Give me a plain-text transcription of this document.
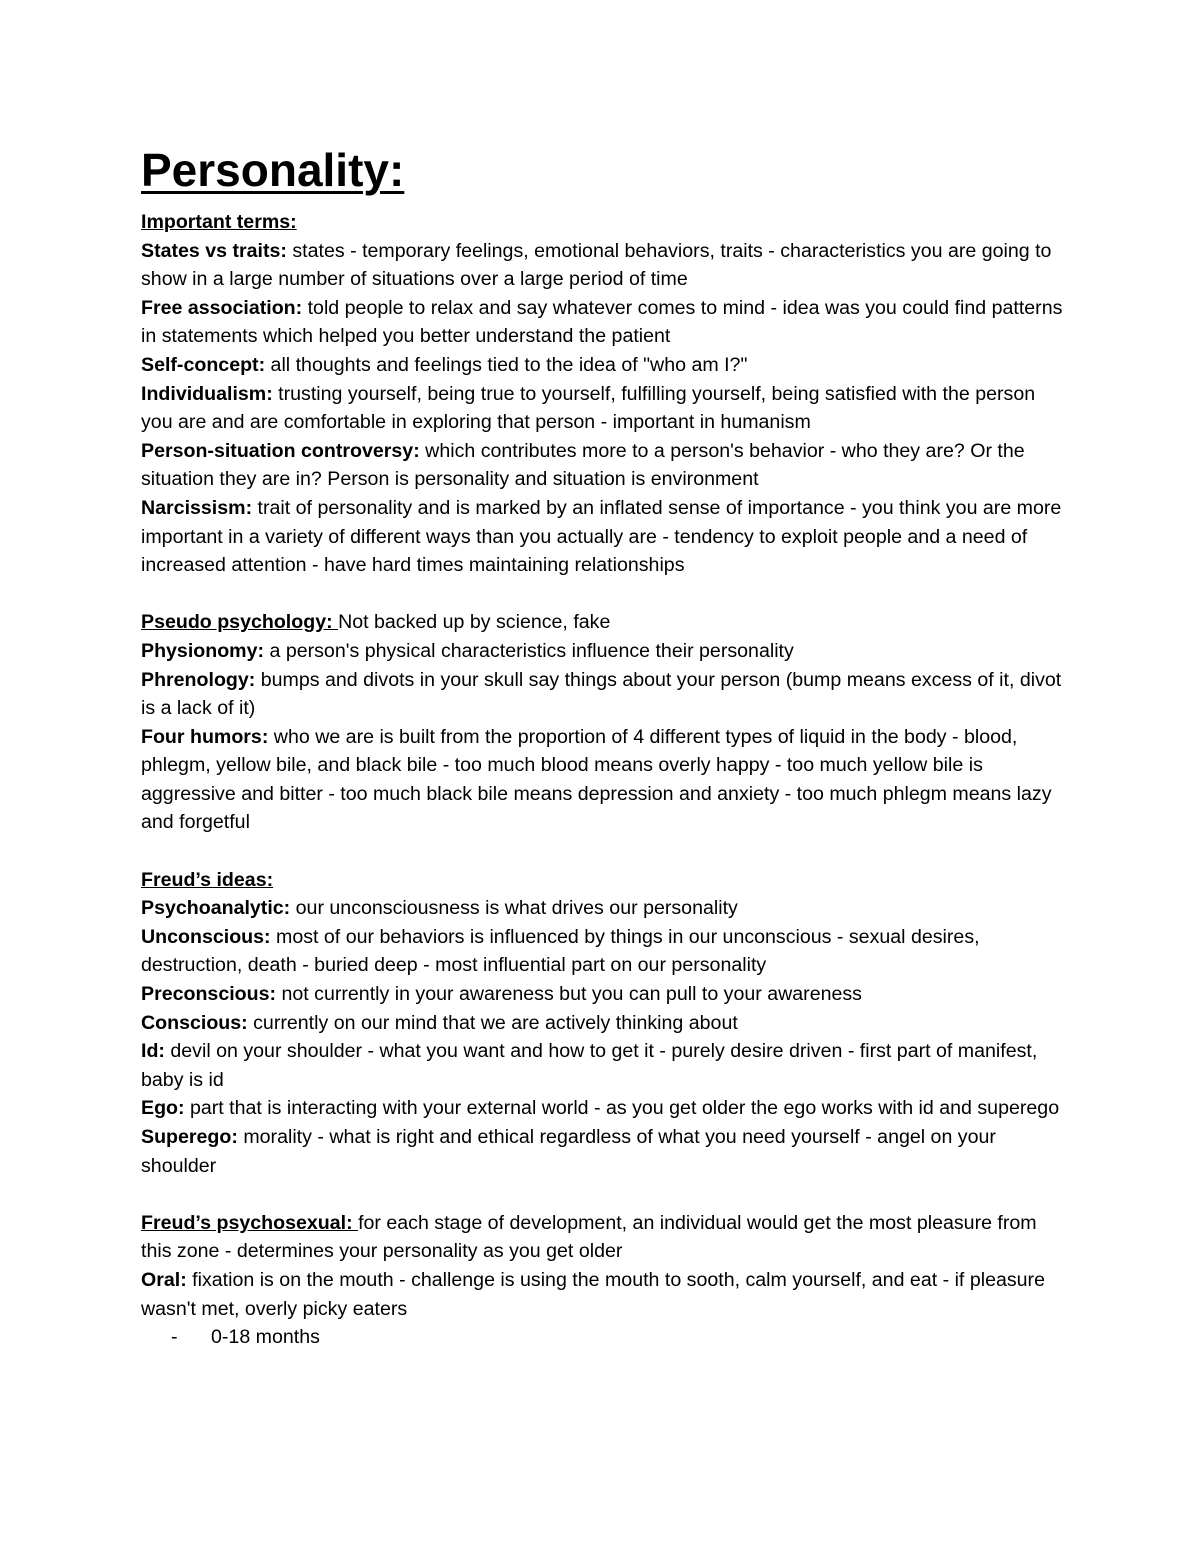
Personality:

Important terms:

States vs traits: states - temporary feelings, emotional behaviors, traits - characteristics you are going to show in a large number of situations over a large period of time

Free association: told people to relax and say whatever comes to mind - idea was you could find patterns in statements which helped you better understand the patient

Self-concept: all thoughts and feelings tied to the idea of "who am I?"

Individualism: trusting yourself, being true to yourself, fulfilling yourself, being satisfied with the person you are and are comfortable in exploring that person - important in humanism

Person-situation controversy: which contributes more to a person's behavior - who they are? Or the situation they are in? Person is personality and situation is environment

Narcissism: trait of personality and is marked by an inflated sense of importance - you think you are more important in a variety of different ways than you actually are - tendency to exploit people and a need of increased attention - have hard times maintaining relationships

Pseudo psychology: Not backed up by science, fake

Physionomy: a person's physical characteristics influence their personality

Phrenology: bumps and divots in your skull say things about your person (bump means excess of it, divot is a lack of it)

Four humors: who we are is built from the proportion of 4 different types of liquid in the body - blood, phlegm, yellow bile, and black bile - too much blood means overly happy - too much yellow bile is aggressive and bitter - too much black bile means depression and anxiety - too much phlegm means lazy and forgetful

Freud’s ideas:

Psychoanalytic: our unconsciousness is what drives our personality

Unconscious: most of our behaviors is influenced by things in our unconscious - sexual desires, destruction, death - buried deep - most influential part on our personality

Preconscious: not currently in your awareness but you can pull to your awareness

Conscious: currently on our mind that we are actively thinking about

Id: devil on your shoulder - what you want and how to get it - purely desire driven - first part of manifest, baby is id

Ego: part that is interacting with your external world - as you get older the ego works with id and superego

Superego: morality - what is right and ethical regardless of what you need yourself - angel on your shoulder

Freud’s psychosexual: for each stage of development, an individual would get the most pleasure from this zone - determines your personality as you get older

Oral: fixation is on the mouth - challenge is using the mouth to sooth, calm yourself, and eat - if pleasure wasn't met, overly picky eaters

-	0-18 months
